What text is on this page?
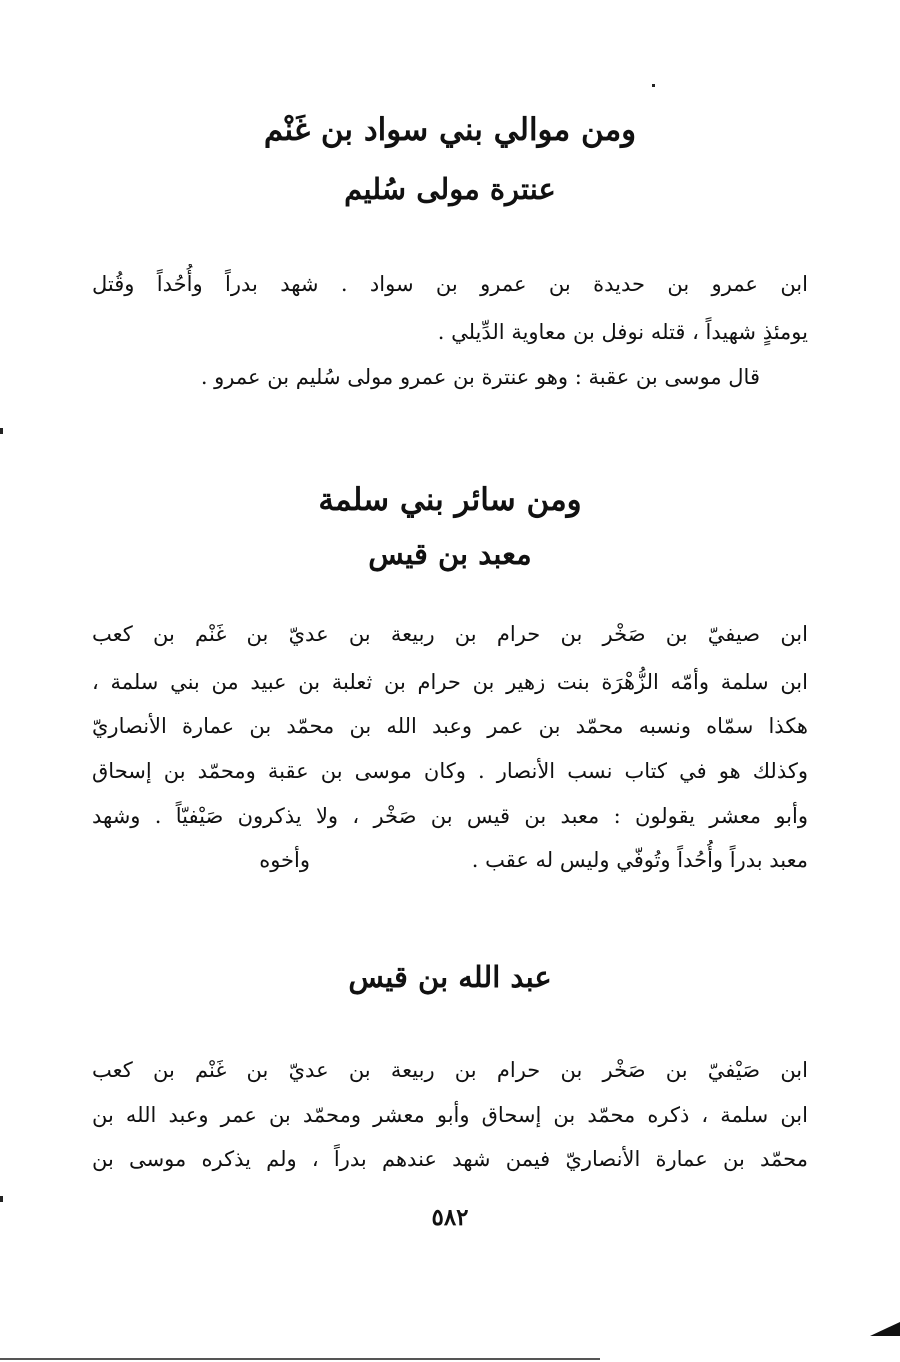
ومن موالي بني سواد بن غَنْم
عنترة مولى سُليم
ابن عمرو بن حديدة بن عمرو بن سواد . شهد بدراً وأُحُداً وقُتل
يومئذٍ شهيداً ، قتله نوفل بن معاوية الدِّيلي .
قال موسى بن عقبة : وهو عنترة بن عمرو مولى سُليم بن عمرو .
ومن سائر بني سلمة
معبد بن قيس
ابن صيفيّ بن صَخْر بن حرام بن ربيعة بن عديّ بن غَنْم بن كعب
ابن سلمة وأمّه الزُّهْرَة بنت زهير بن حرام بن ثعلبة بن عبيد من بني سلمة ،
هكذا سمّاه ونسبه محمّد بن عمر وعبد الله بن محمّد بن عمارة الأنصاريّ
وكذلك هو في كتاب نسب الأنصار . وكان موسى بن عقبة ومحمّد بن إسحاق
وأبو معشر يقولون : معبد بن قيس بن صَخْر ، ولا يذكرون صَيْفيّاً . وشهد
معبد بدراً وأُحُداً وتُوفّي وليس له عقب .
وأخوه
عبد الله بن قيس
ابن صَيْفيّ بن صَخْر بن حرام بن ربيعة بن عديّ بن غَنْم بن كعب
ابن سلمة ، ذكره محمّد بن إسحاق وأبو معشر ومحمّد بن عمر وعبد الله بن
محمّد بن عمارة الأنصاريّ فيمن شهد عندهم بدراً ، ولم يذكره موسى بن
٥٨٢
